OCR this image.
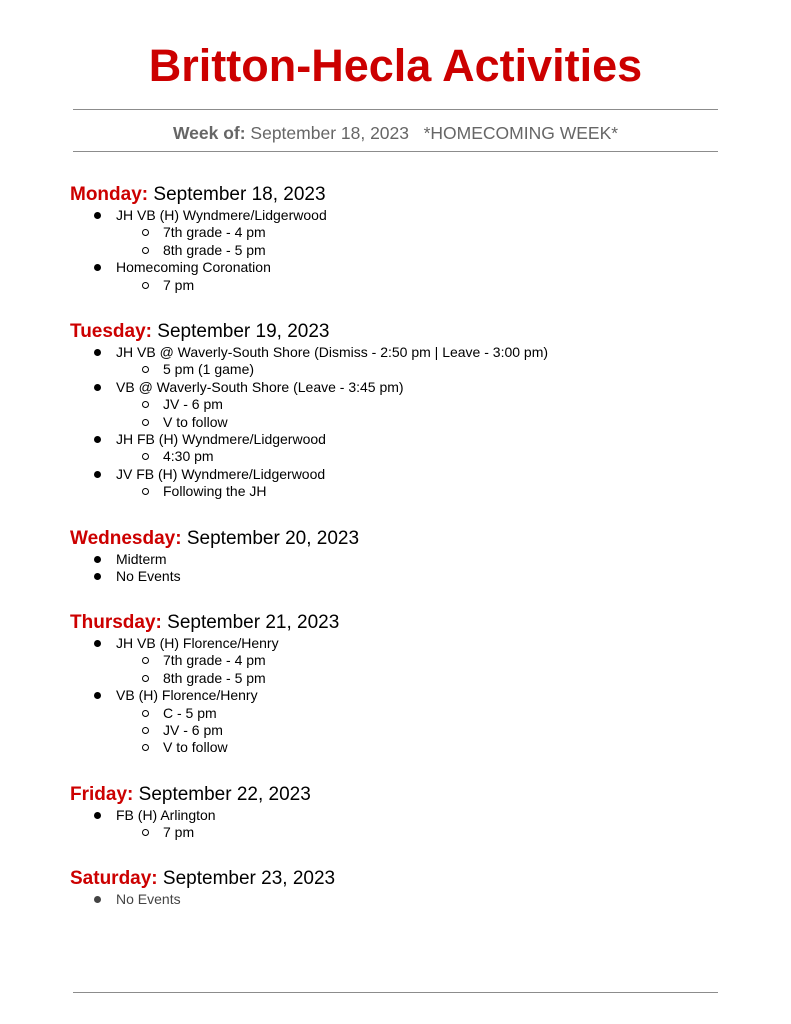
Britton-Hecla Activities
Week of: September 18, 2023   *HOMECOMING WEEK*
Monday: September 18, 2023
JH VB (H) Wyndmere/Lidgerwood
7th grade - 4 pm
8th grade - 5 pm
Homecoming Coronation
7 pm
Tuesday: September 19, 2023
JH VB @ Waverly-South Shore (Dismiss - 2:50 pm | Leave - 3:00 pm)
5 pm (1 game)
VB @ Waverly-South Shore (Leave - 3:45 pm)
JV - 6 pm
V to follow
JH FB (H) Wyndmere/Lidgerwood
4:30 pm
JV FB (H) Wyndmere/Lidgerwood
Following the JH
Wednesday: September 20, 2023
Midterm
No Events
Thursday: September 21, 2023
JH VB (H) Florence/Henry
7th grade - 4 pm
8th grade - 5 pm
VB (H) Florence/Henry
C - 5 pm
JV - 6 pm
V to follow
Friday: September 22, 2023
FB (H) Arlington
7 pm
Saturday: September 23, 2023
No Events
